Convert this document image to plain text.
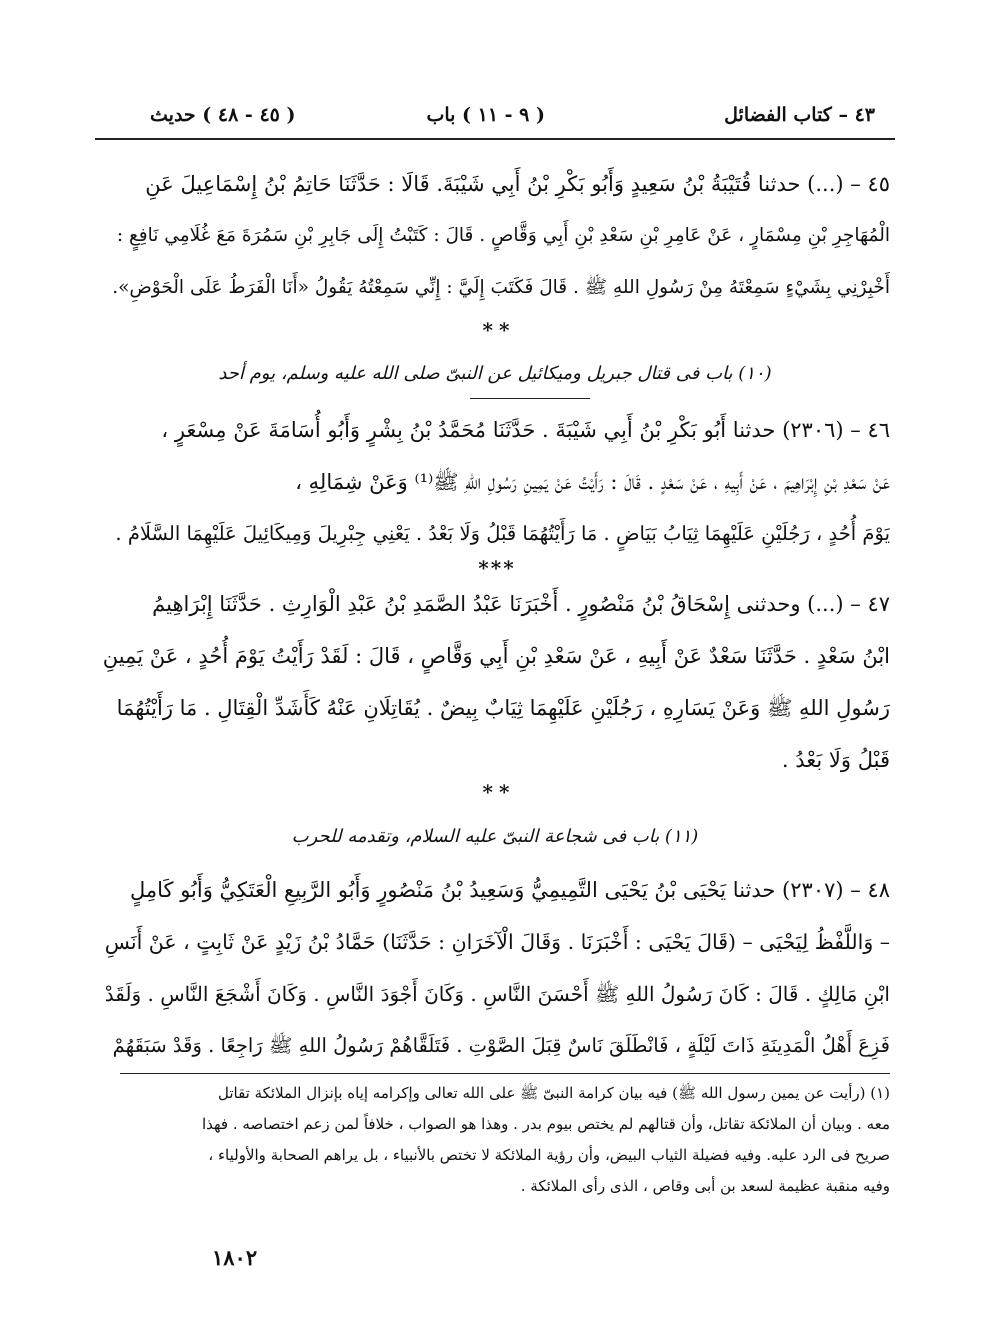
٤٣ – كتاب الفضائل
( ٩ - ١١ ) باب
( ٤٥ - ٤٨ ) حديث

٤٥ – (...) حدثنا قُتَيْبَةُ بْنُ سَعِيدٍ وَأَبُو بَكْرِ بْنُ أَبِي شَيْبَةَ. قَالَا : حَدَّثَنَا حَاتِمُ بْنُ إِسْمَاعِيلَ عَنِ

الْمُهَاجِرِ بْنِ مِسْمَارٍ ، عَنْ عَامِرِ بْنِ سَعْدِ بْنِ أَبِي وَقَّاصٍ . قَالَ : كَتَبْتُ إِلَى جَابِرِ بْنِ سَمُرَةَ مَعَ غُلَامِي نَافِعٍ :

أَخْبِرْنِي بِشَيْءٍ سَمِعْتَهُ مِنْ رَسُولِ اللهِ ﷺ . قَالَ فَكَتَبَ إِلَيَّ : إِنِّي سَمِعْتُهُ يَقُولُ «أَنَا الْفَرَطُ عَلَى الْحَوْضِ».

* *
(١٠) باب فى قتال جبريل وميكائيل عن النبىّ صلى الله عليه وسلم، يوم أحد

٤٦ – (٢٣٠٦) حدثنا أَبُو بَكْرِ بْنُ أَبِي شَيْبَةَ . حَدَّثَنَا مُحَمَّدُ بْنُ بِشْرٍ وَأَبُو أُسَامَةَ عَنْ مِسْعَرٍ ،

عَنْ سَعْدِ بْنِ إِبْرَاهِيمَ ، عَنْ أَبِيهِ ، عَنْ سَعْدٍ . قَالَ : رَأَيْتُ عَنْ يَمِينِ رَسُولِ اللهِ ﷺ⁽¹⁾ وَعَنْ شِمَالِهِ ،

يَوْمَ أُحُدٍ ، رَجُلَيْنِ عَلَيْهِمَا ثِيَابُ بَيَاضٍ . مَا رَأَيْتُهُمَا قَبْلُ وَلَا بَعْدُ . يَعْنِي جِبْرِيلَ وَمِيكَائِيلَ عَلَيْهِمَا السَّلَامُ .

***

٤٧ – (...) وحدثنى إِسْحَاقُ بْنُ مَنْصُورٍ . أَخْبَرَنَا عَبْدُ الصَّمَدِ بْنُ عَبْدِ الْوَارِثِ . حَدَّثَنَا إِبْرَاهِيمُ

ابْنُ سَعْدٍ . حَدَّثَنَا سَعْدٌ عَنْ أَبِيهِ ، عَنْ سَعْدِ بْنِ أَبِي وَقَّاصٍ ، قَالَ : لَقَدْ رَأَيْتُ يَوْمَ أُحُدٍ ، عَنْ يَمِينِ

رَسُولِ اللهِ ﷺ وَعَنْ يَسَارِهِ ، رَجُلَيْنِ عَلَيْهِمَا ثِيَابٌ بِيضٌ . يُقَاتِلَانِ عَنْهُ كَأَشَدِّ الْقِتَالِ . مَا رَأَيْتُهُمَا

قَبْلُ وَلَا بَعْدُ .

* *
(١١) باب فى شجاعة النبىّ عليه السلام، وتقدمه للحرب

٤٨ – (٢٣٠٧) حدثنا يَحْيَى بْنُ يَحْيَى التَّمِيمِيُّ وَسَعِيدُ بْنُ مَنْصُورٍ وَأَبُو الرَّبِيعِ الْعَتَكِيُّ وَأَبُو كَامِلٍ

– وَاللَّفْظُ لِيَحْيَى – (قَالَ يَحْيَى : أَخْبَرَنَا . وَقَالَ الْآخَرَانِ : حَدَّثَنَا) حَمَّادُ بْنُ زَيْدٍ عَنْ ثَابِتٍ ، عَنْ أَنَسِ

ابْنِ مَالِكٍ . قَالَ : كَانَ رَسُولُ اللهِ ﷺ أَحْسَنَ النَّاسِ . وَكَانَ أَجْوَدَ النَّاسِ . وَكَانَ أَشْجَعَ النَّاسِ . وَلَقَدْ

فَزِعَ أَهْلُ الْمَدِينَةِ ذَاتَ لَيْلَةٍ ، فَانْطَلَقَ نَاسٌ قِبَلَ الصَّوْتِ . فَتَلَقَّاهُمْ رَسُولُ اللهِ ﷺ رَاجِعًا . وَقَدْ سَبَقَهُمْ

(١) (رأيت عن يمين رسول الله ﷺ) فيه بيان كرامة النبىّ ﷺ على الله تعالى وإكرامه إياه بإنزال الملائكة تقاتل

معه . وبيان أن الملائكة تقاتل، وأن قتالهم لم يختص بيوم بدر . وهذا هو الصواب ، خلافاً لمن زعم اختصاصه . فهذا

صريح فى الرد عليه. وفيه فضيلة الثياب البيض، وأن رؤية الملائكة لا تختص بالأنبياء ، بل يراهم الصحابة والأولياء ،

وفيه منقبة عظيمة لسعد بن أبى وقاص ، الذى رأى الملائكة .

١٨٠٢
